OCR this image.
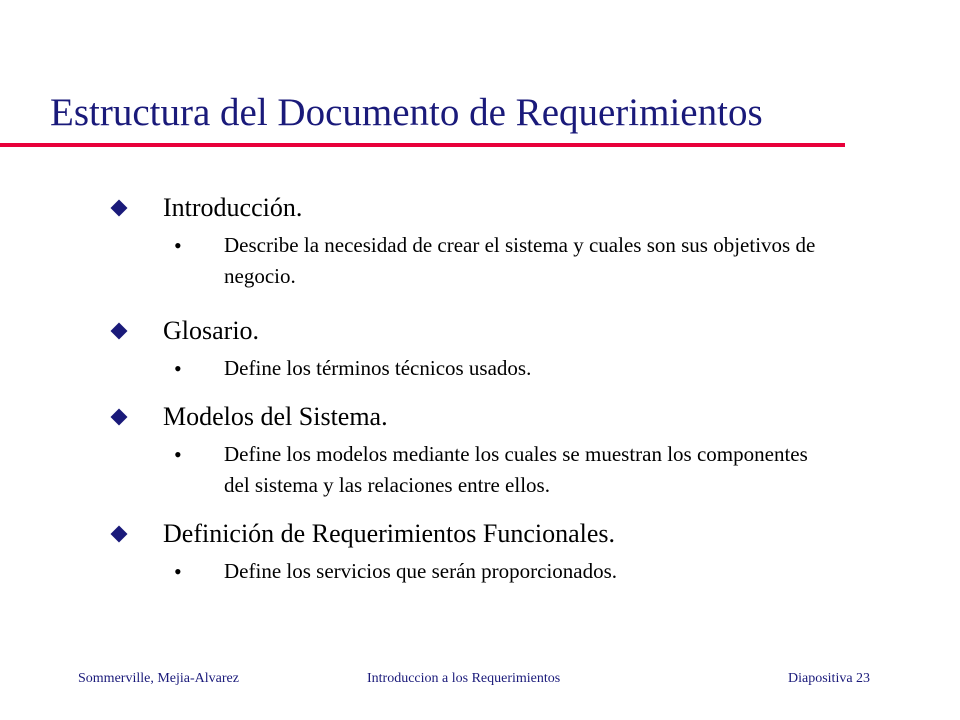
Estructura del Documento de Requerimientos
Introducción.
• Describe la necesidad de crear el sistema y cuales son sus objetivos de negocio.
Glosario.
• Define los términos técnicos usados.
Modelos del Sistema.
• Define los modelos mediante los cuales se muestran los componentes del sistema y las relaciones entre ellos.
Definición de Requerimientos Funcionales.
• Define los servicios que serán proporcionados.
Sommerville, Mejia-Alvarez	Introduccion a los Requerimientos	Diapositiva 23
